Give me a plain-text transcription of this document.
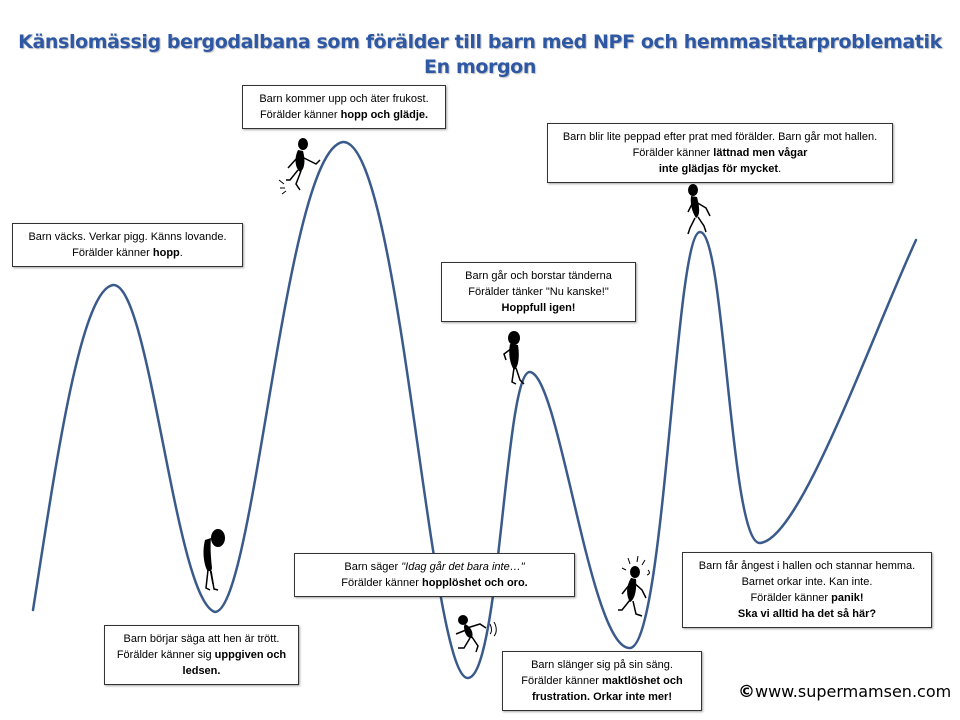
Känslomässig bergodalbana som förälder till barn med NPF och hemmasittarproblematik
En morgon
Barn väcks. Verkar pigg. Känns lovande.
Förälder känner hopp.
Barn börjar säga att hen är trött.
Förälder känner sig uppgiven och
ledsen.
Barn kommer upp och äter frukost.
Förälder känner hopp och glädje.
Barn säger "Idag går det bara inte…"
Förälder känner hopplöshet och oro.
Barn går och borstar tänderna
Förälder tänker "Nu kanske!"
Hoppfull igen!
Barn slänger sig på sin säng.
Förälder känner maktlöshet och
frustration. Orkar inte mer!
Barn blir lite peppad efter prat med förälder. Barn går mot hallen.
Förälder känner lättnad men vågar
inte glädjas för mycket.
Barn får ångest i hallen och stannar hemma.
Barnet orkar inte. Kan inte.
Förälder känner panik!
Ska vi alltid ha det så här?
©www.supermamsen.com
